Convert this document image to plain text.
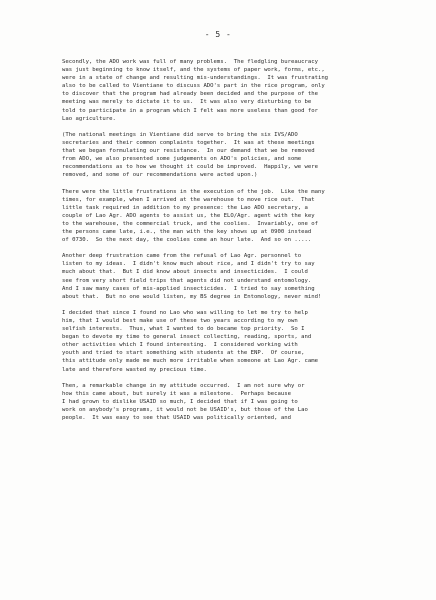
- 5 -
Secondly, the ADO work was full of many problems.  The fledgling bureaucracy
was just beginning to know itself, and the systems of paper work, forms, etc.,
were in a state of change and resulting mis-understandings.  It was frustrating
also to be called to Vientiane to discuss ADO's part in the rice program, only
to discover that the program had already been decided and the purpose of the
meeting was merely to dictate it to us.  It was also very disturbing to be
told to participate in a program which I felt was more useless than good for
Lao agriculture.
(The national meetings in Vientiane did serve to bring the six IVS/ADO
secretaries and their common complaints together.  It was at these meetings
that we began formulating our resistance.  In our demand that we be removed
from ADO, we also presented some judgements on ADO's policies, and some
recommendations as to how we thought it could be improved.  Happily, we were
removed, and some of our recommendations were acted upon.)
There were the little frustrations in the execution of the job.  Like the many
times, for example, when I arrived at the warehouse to move rice out.  That
little task required in addition to my presence: the Lao ADO secretary, a
couple of Lao Agr. ADO agents to assist us, the ELO/Agr. agent with the key
to the warehouse, the commercial truck, and the coolies.  Invariably, one of
the persons came late, i.e., the man with the key shows up at 0900 instead
of 0730.  So the next day, the coolies come an hour late.  And so on .....
Another deep frustration came from the refusal of Lao Agr. personnel to
listen to my ideas.  I didn't know much about rice, and I didn't try to say
much about that.  But I did know about insects and insecticides.  I could
see from very short field trips that agents did not understand entomology.
And I saw many cases of mis-applied insecticides.  I tried to say something
about that.  But no one would listen, my BS degree in Entomology, never mind!
I decided that since I found no Lao who was willing to let me try to help
him, that I would best make use of these two years according to my own
selfish interests.  Thus, what I wanted to do became top priority.  So I
began to devote my time to general insect collecting, reading, sports, and
other activities which I found interesting.  I considered working with
youth and tried to start something with students at the ENP.  Of course,
this attitude only made me much more irritable when someone at Lao Agr. came
late and therefore wasted my precious time.
Then, a remarkable change in my attitude occurred.  I am not sure why or
how this came about, but surely it was a milestone.  Perhaps because
I had grown to dislike USAID so much, I decided that if I was going to
work on anybody's programs, it would not be USAID's, but those of the Lao
people.  It was easy to see that USAID was politically oriented, and
